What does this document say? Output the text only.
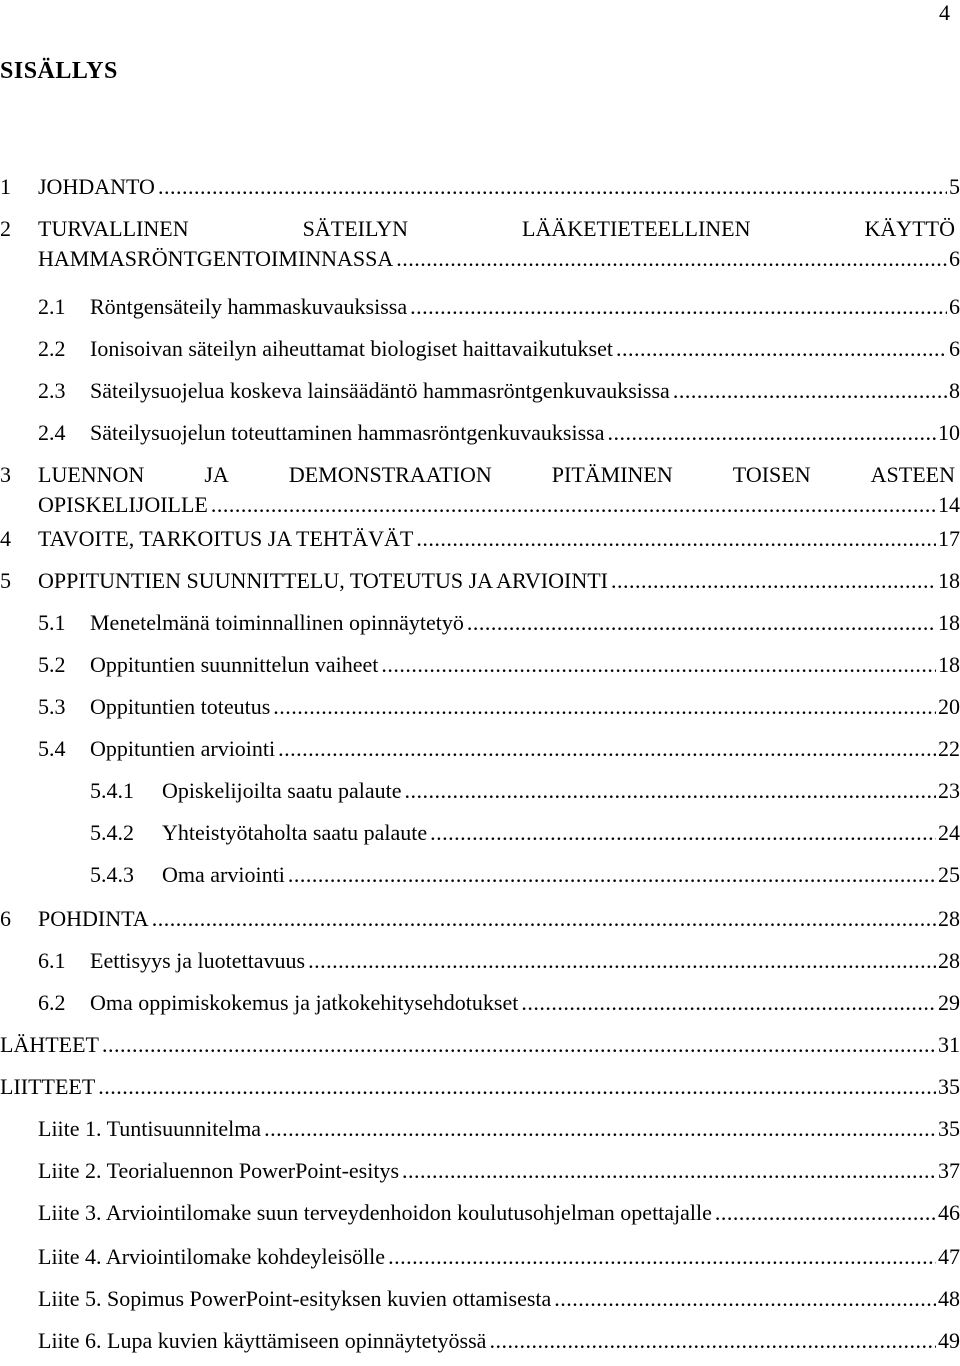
4
SISÄLLYS
1 JOHDANTO .....	5
2 TURVALLINEN	SÄTEILYN	LÄÄKETIETEELLINEN	KÄYTTÖ
HAMMASRÖNTGENTOIMINNASSA .....	6
2.1 Röntgensäteily hammaskuvauksissa .....	6
2.2 Ionisoivan säteilyn aiheuttamat biologiset haittavaikutukset .....	6
2.3 Säteilysuojelua koskeva lainsäädäntö hammasröntgenkuvauksissa .....	8
2.4 Säteilysuojelun toteuttaminen hammasröntgenkuvauksissa .....	10
3 LUENNON	JA	DEMONSTRAATION	PITÄMINEN	TOISEN	ASTEEN
OPISKELIJOILLE .....	14
4 TAVOITE, TARKOITUS JA TEHTÄVÄT .....	17
5 OPPITUNTIEN SUUNNITTELU, TOTEUTUS JA ARVIOINTI .....	18
5.1 Menetelmänä toiminnallinen opinnäytetyö .....	18
5.2 Oppituntien suunnittelun vaiheet .....	18
5.3 Oppituntien toteutus .....	20
5.4 Oppituntien arviointi .....	22
5.4.1 Opiskelijoilta saatu palaute .....	23
5.4.2 Yhteistyötaholta saatu palaute .....	24
5.4.3 Oma arviointi .....	25
6 POHDINTA .....	28
6.1 Eettisyys ja luotettavuus .....	28
6.2 Oma oppimiskokemus ja jatkokehitysehdotukset .....	29
LÄHTEET .....	31
LIITTEET .....	35
Liite 1. Tuntisuunnitelma .....	35
Liite 2. Teorialuennon PowerPoint-esitys .....	37
Liite 3. Arviointilomake suun terveydenhoidon koulutusohjelman opettajalle .....	46
Liite 4. Arviointilomake kohdeyleisölle .....	47
Liite 5. Sopimus PowerPoint-esityksen kuvien ottamisesta .....	48
Liite 6. Lupa kuvien käyttämiseen opinnäytetyössä .....	49
